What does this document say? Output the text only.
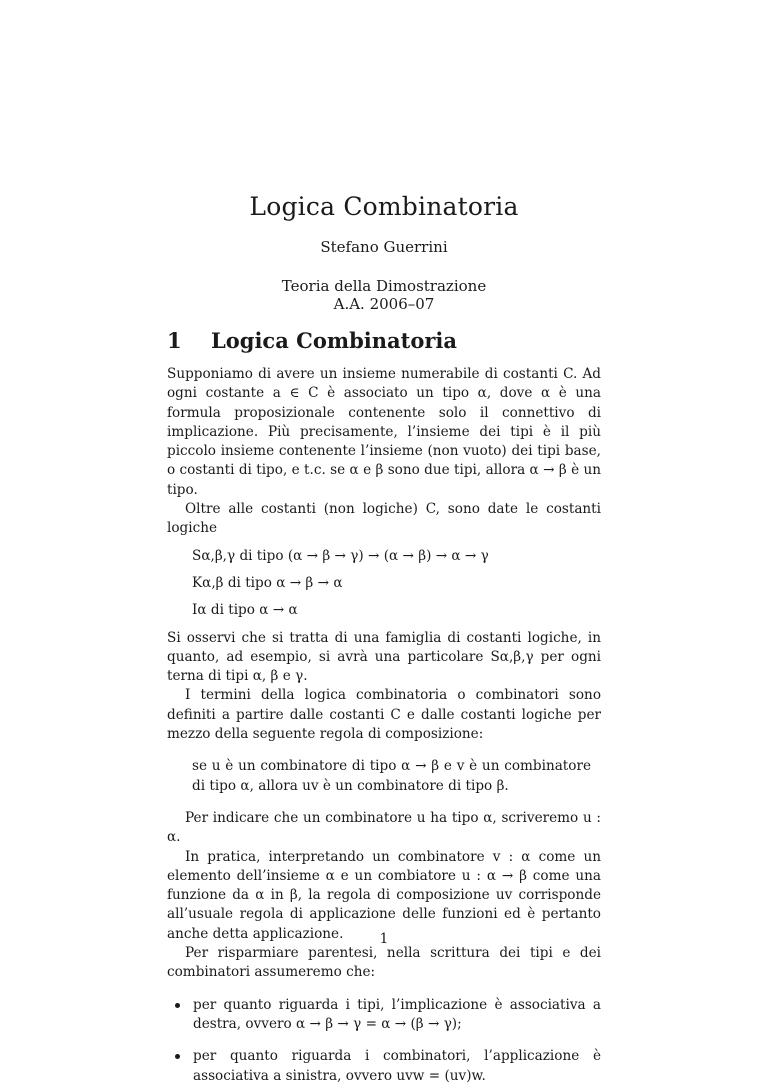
Logica Combinatoria
Stefano Guerrini
Teoria della Dimostrazione
A.A. 2006–07
1 Logica Combinatoria

Supponiamo di avere un insieme numerabile di costanti C. Ad ogni costante a ∈ C è associato un tipo α, dove α è una formula proposizionale contenente solo il connettivo di implicazione. Più precisamente, l’insieme dei tipi è il più piccolo insieme contenente l’insieme (non vuoto) dei tipi base, o costanti di tipo, e t.c. se α e β sono due tipi, allora α → β è un tipo.

Oltre alle costanti (non logiche) C, sono date le costanti logiche

Sα,β,γ di tipo (α → β → γ) → (α → β) → α → γ

Kα,β di tipo α → β → α

Iα di tipo α → α

Si osservi che si tratta di una famiglia di costanti logiche, in quanto, ad esempio, si avrà una particolare Sα,β,γ per ogni terna di tipi α, β e γ.

I termini della logica combinatoria o combinatori sono definiti a partire dalle costanti C e dalle costanti logiche per mezzo della seguente regola di composizione:

se u è un combinatore di tipo α → β e v è un combinatore di tipo α, allora uv è un combinatore di tipo β.

Per indicare che un combinatore u ha tipo α, scriveremo u : α.

In pratica, interpretando un combinatore v : α come un elemento dell’insieme α e un combiatore u : α → β come una funzione da α in β, la regola di composizione uv corrisponde all’usuale regola di applicazione delle funzioni ed è pertanto anche detta applicazione.

Per risparmiare parentesi, nella scrittura dei tipi e dei combinatori assumeremo che:

per quanto riguarda i tipi, l’implicazione è associativa a destra, ovvero α → β → γ = α → (β → γ);
per quanto riguarda i combinatori, l’applicazione è associativa a sinistra, ovvero uvw = (uv)w.
1
